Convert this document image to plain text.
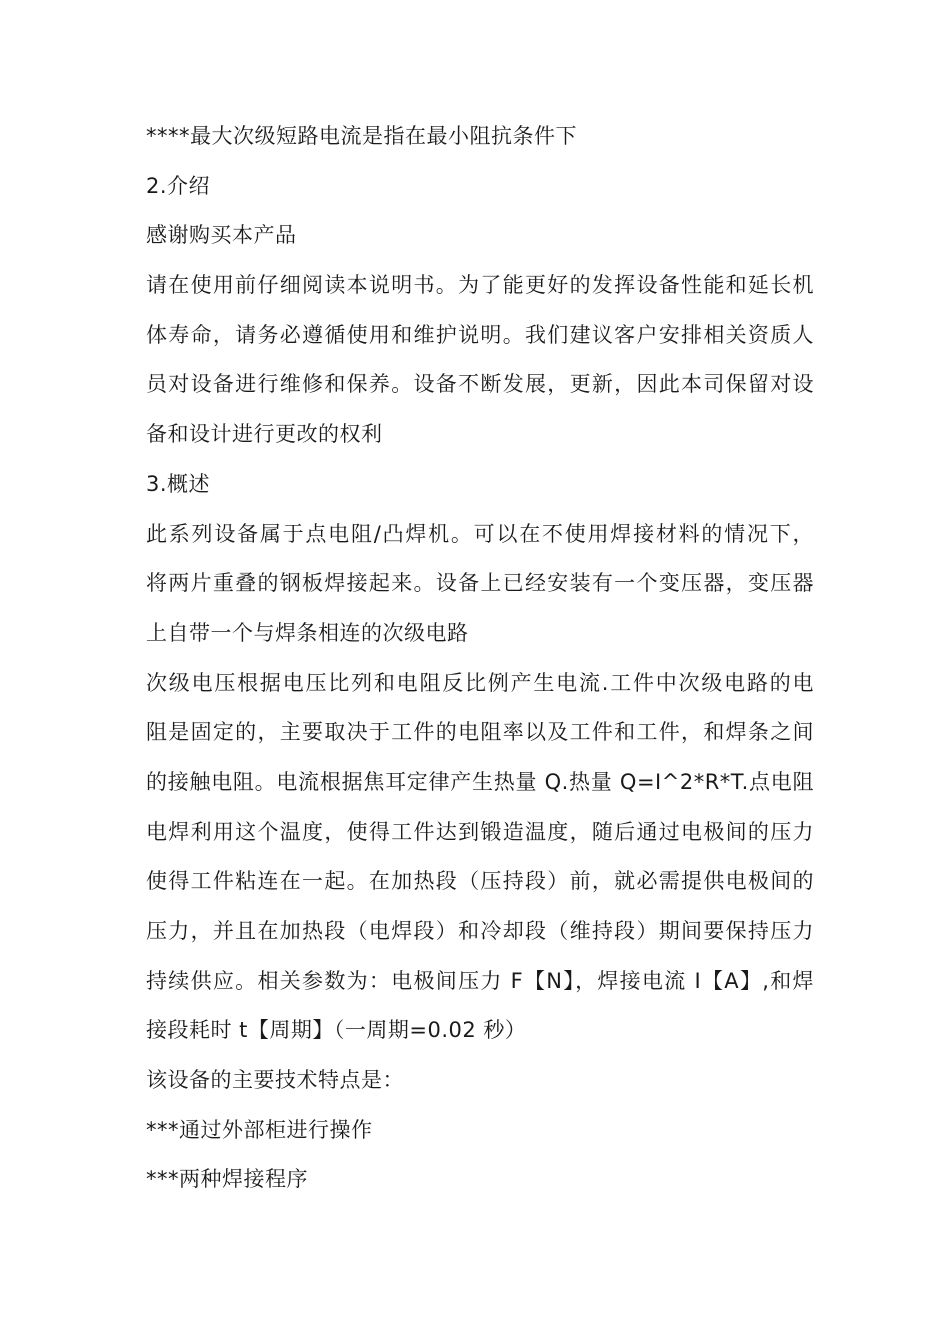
****最大次级短路电流是指在最小阻抗条件下
2.介绍
感谢购买本产品
请在使用前仔细阅读本说明书。为了能更好的发挥设备性能和延长机
体寿命，请务必遵循使用和维护说明。我们建议客户安排相关资质人
员对设备进行维修和保养。设备不断发展，更新，因此本司保留对设
备和设计进行更改的权利
3.概述
此系列设备属于点电阻/凸焊机。可以在不使用焊接材料的情况下，
将两片重叠的钢板焊接起来。设备上已经安装有一个变压器，变压器
上自带一个与焊条相连的次级电路
次级电压根据电压比列和电阻反比例产生电流.工件中次级电路的电
阻是固定的，主要取决于工件的电阻率以及工件和工件，和焊条之间
的接触电阻。电流根据焦耳定律产生热量 Q.热量 Q=I^2*R*T.点电阻
电焊利用这个温度，使得工件达到锻造温度，随后通过电极间的压力
使得工件粘连在一起。在加热段（压持段）前，就必需提供电极间的
压力，并且在加热段（电焊段）和冷却段（维持段）期间要保持压力
持续供应。相关参数为：电极间压力 F【N】，焊接电流 I【A】,和焊
接段耗时 t【周期】（一周期=0.02 秒）
该设备的主要技术特点是：
***通过外部柜进行操作
***两种焊接程序
